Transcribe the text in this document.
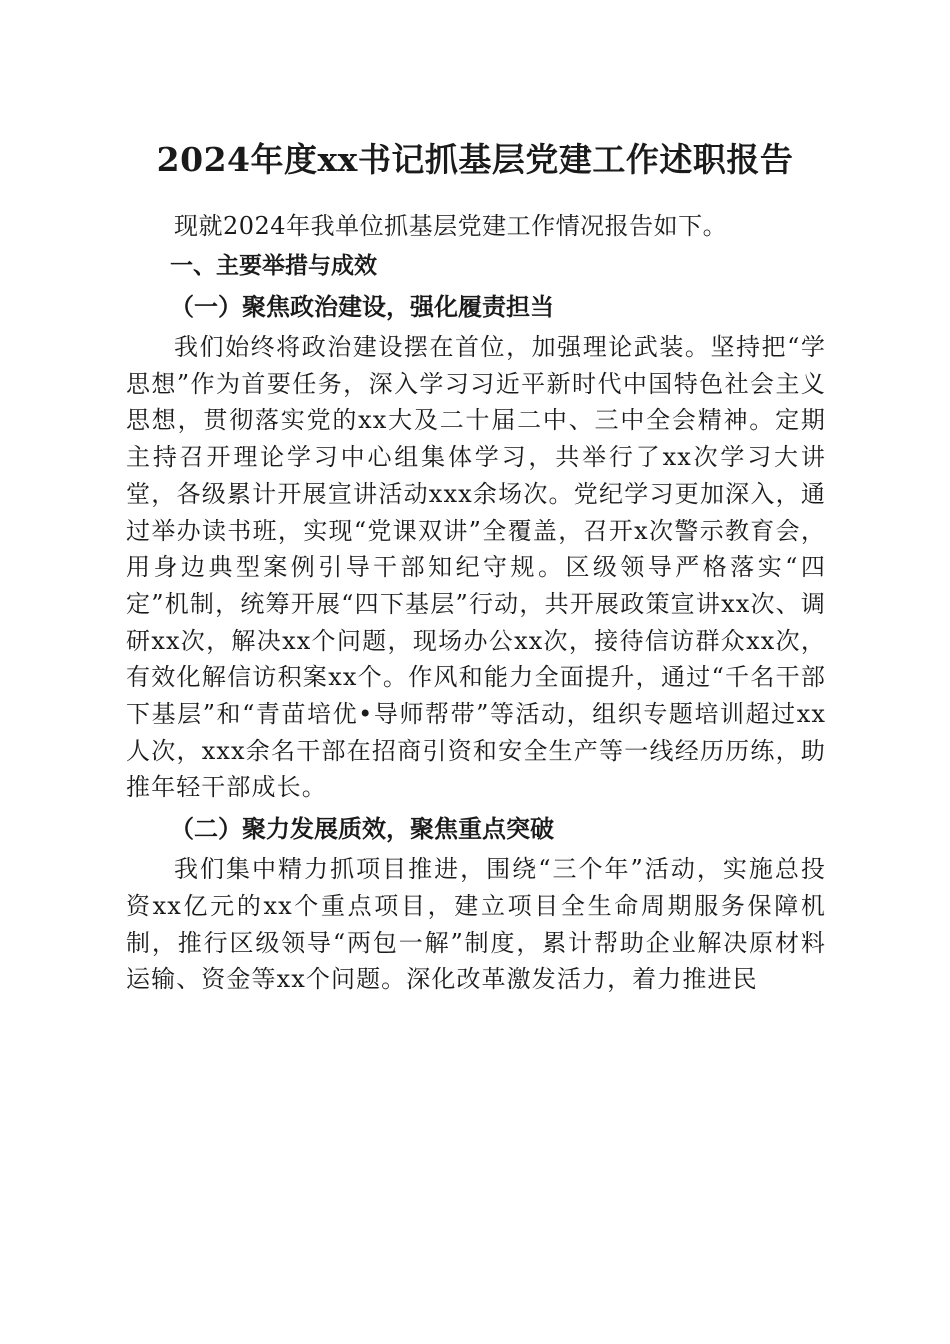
2024年度xx书记抓基层党建工作述职报告

现就2024年我单位抓基层党建工作情况报告如下。

一、主要举措与成效

（一）聚焦政治建设，强化履责担当

我们始终将政治建设摆在首位，加强理论武装。坚持把“学思想”作为首要任务，深入学习习近平新时代中国特色社会主义思想，贯彻落实党的xx大及二十届二中、三中全会精神。定期主持召开理论学习中心组集体学习，共举行了xx次学习大讲堂，各级累计开展宣讲活动xxx余场次。党纪学习更加深入，通过举办读书班，实现“党课双讲”全覆盖，召开x次警示教育会，用身边典型案例引导干部知纪守规。区级领导严格落实“四定”机制，统筹开展“四下基层”行动，共开展政策宣讲xx次、调研xx次，解决xx个问题，现场办公xx次，接待信访群众xx次，有效化解信访积案xx个。作风和能力全面提升，通过“千名干部下基层”和“青苗培优•导师帮带”等活动，组织专题培训超过xx人次，xxx余名干部在招商引资和安全生产等一线经历历练，助推年轻干部成长。

（二）聚力发展质效，聚焦重点突破

我们集中精力抓项目推进，围绕“三个年”活动，实施总投资xx亿元的xx个重点项目，建立项目全生命周期服务保障机制，推行区级领导“两包一解”制度，累计帮助企业解决原材料运输、资金等xx个问题。深化改革激发活力，着力推进民
